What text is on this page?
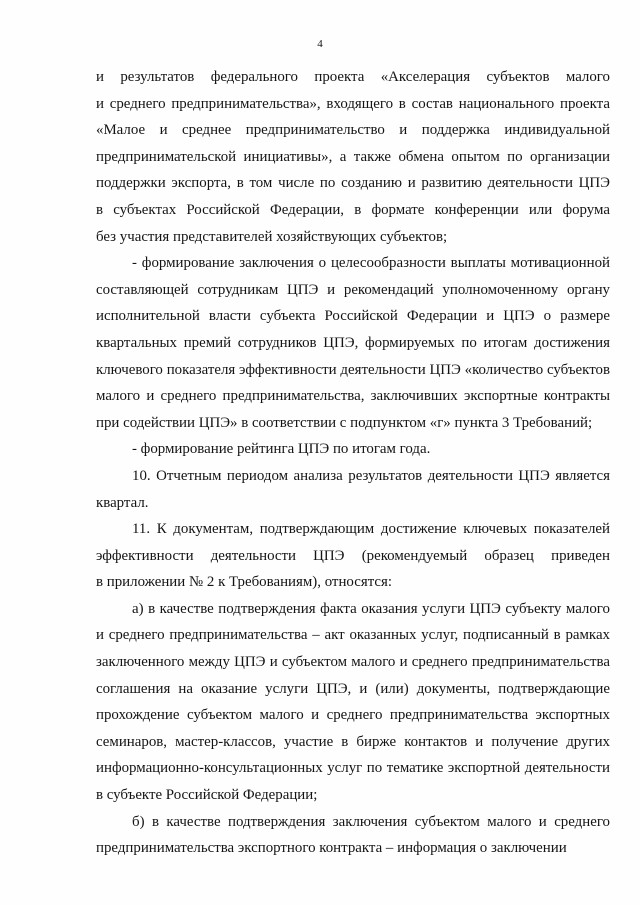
4
и результатов федерального проекта «Акселерация субъектов малого
и среднего предпринимательства», входящего в состав национального проекта
«Малое и среднее предпринимательство и поддержка индивидуальной
предпринимательской инициативы», а также обмена опытом по организации
поддержки экспорта, в том числе по созданию и развитию деятельности ЦПЭ
в субъектах Российской Федерации, в формате конференции или форума
без участия представителей хозяйствующих субъектов;
- формирование заключения о целесообразности выплаты мотивационной
составляющей сотрудникам ЦПЭ и рекомендаций уполномоченному органу
исполнительной власти субъекта Российской Федерации и ЦПЭ о размере
квартальных премий сотрудников ЦПЭ, формируемых по итогам достижения
ключевого показателя эффективности деятельности ЦПЭ «количество субъектов
малого и среднего предпринимательства, заключивших экспортные контракты
при содействии ЦПЭ» в соответствии с подпунктом «г» пункта 3 Требований;
- формирование рейтинга ЦПЭ по итогам года.
10. Отчетным периодом анализа результатов деятельности ЦПЭ является
квартал.
11. К документам, подтверждающим достижение ключевых показателей
эффективности деятельности ЦПЭ (рекомендуемый образец приведен
в приложении № 2 к Требованиям), относятся:
а) в качестве подтверждения факта оказания услуги ЦПЭ субъекту малого
и среднего предпринимательства – акт оказанных услуг, подписанный в рамках
заключенного между ЦПЭ и субъектом малого и среднего предпринимательства
соглашения на оказание услуги ЦПЭ, и (или) документы, подтверждающие
прохождение субъектом малого и среднего предпринимательства экспортных
семинаров, мастер-классов, участие в бирже контактов и получение других
информационно-консультационных услуг по тематике экспортной деятельности
в субъекте Российской Федерации;
б) в качестве подтверждения заключения субъектом малого и среднего
предпринимательства экспортного контракта – информация о заключении
